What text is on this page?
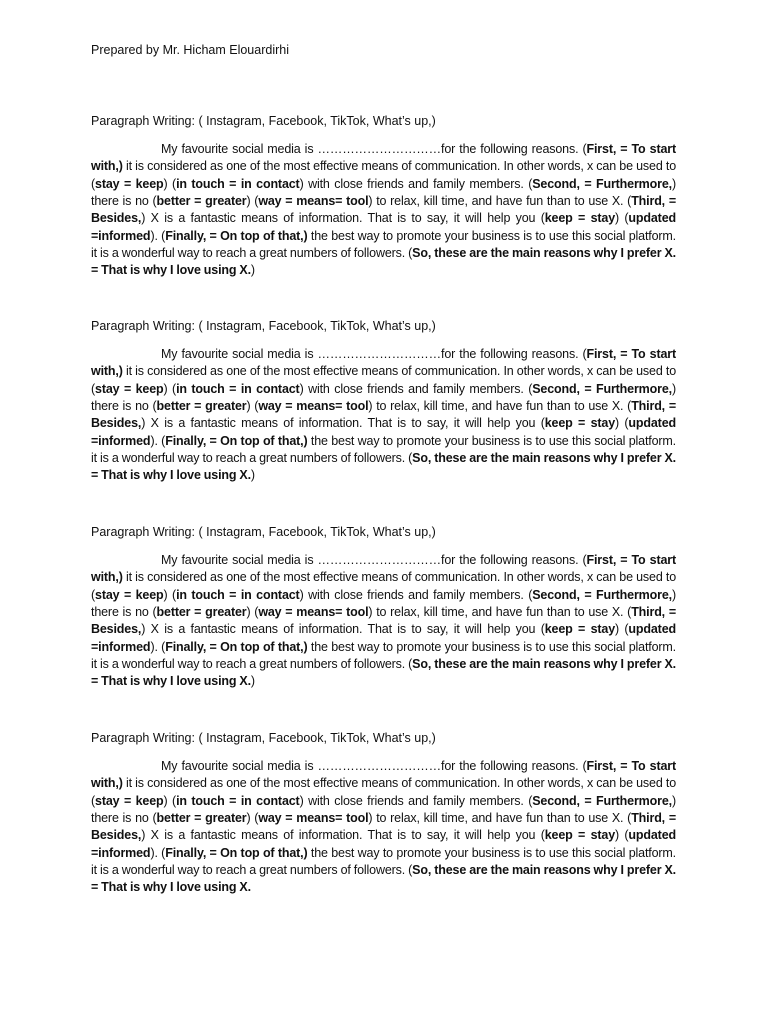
Prepared by Mr. Hicham Elouardirhi
Paragraph Writing: ( Instagram, Facebook, TikTok, What’s up,)

My favourite social media is …………………………for the following reasons. (First, = To start with,) it is considered as one of the most effective means of communication. In other words, x can be used to (stay = keep) (in touch = in contact) with close friends and family members. (Second, = Furthermore,) there is no (better = greater) (way = means= tool) to relax, kill time, and have fun than to use X. (Third, = Besides,) X is a fantastic means of information. That is to say, it will help you (keep = stay) (updated =informed). (Finally, = On top of that,) the best way to promote your business is to use this social platform. it is a wonderful way to reach a great numbers of followers. (So, these are the main reasons why I prefer X. = That is why I love using X.)

Paragraph Writing: ( Instagram, Facebook, TikTok, What’s up,)

My favourite social media is …………………………for the following reasons. (First, = To start with,) it is considered as one of the most effective means of communication. In other words, x can be used to (stay = keep) (in touch = in contact) with close friends and family members. (Second, = Furthermore,) there is no (better = greater) (way = means= tool) to relax, kill time, and have fun than to use X. (Third, = Besides,) X is a fantastic means of information. That is to say, it will help you (keep = stay) (updated =informed). (Finally, = On top of that,) the best way to promote your business is to use this social platform. it is a wonderful way to reach a great numbers of followers. (So, these are the main reasons why I prefer X. = That is why I love using X.)

Paragraph Writing: ( Instagram, Facebook, TikTok, What’s up,)

My favourite social media is …………………………for the following reasons. (First, = To start with,) it is considered as one of the most effective means of communication. In other words, x can be used to (stay = keep) (in touch = in contact) with close friends and family members. (Second, = Furthermore,) there is no (better = greater) (way = means= tool) to relax, kill time, and have fun than to use X. (Third, = Besides,) X is a fantastic means of information. That is to say, it will help you (keep = stay) (updated =informed). (Finally, = On top of that,) the best way to promote your business is to use this social platform. it is a wonderful way to reach a great numbers of followers. (So, these are the main reasons why I prefer X. = That is why I love using X.)

Paragraph Writing: ( Instagram, Facebook, TikTok, What’s up,)

My favourite social media is …………………………for the following reasons. (First, = To start with,) it is considered as one of the most effective means of communication. In other words, x can be used to (stay = keep) (in touch = in contact) with close friends and family members. (Second, = Furthermore,) there is no (better = greater) (way = means= tool) to relax, kill time, and have fun than to use X. (Third, = Besides,) X is a fantastic means of information. That is to say, it will help you (keep = stay) (updated =informed). (Finally, = On top of that,) the best way to promote your business is to use this social platform. it is a wonderful way to reach a great numbers of followers. (So, these are the main reasons why I prefer X. = That is why I love using X.
